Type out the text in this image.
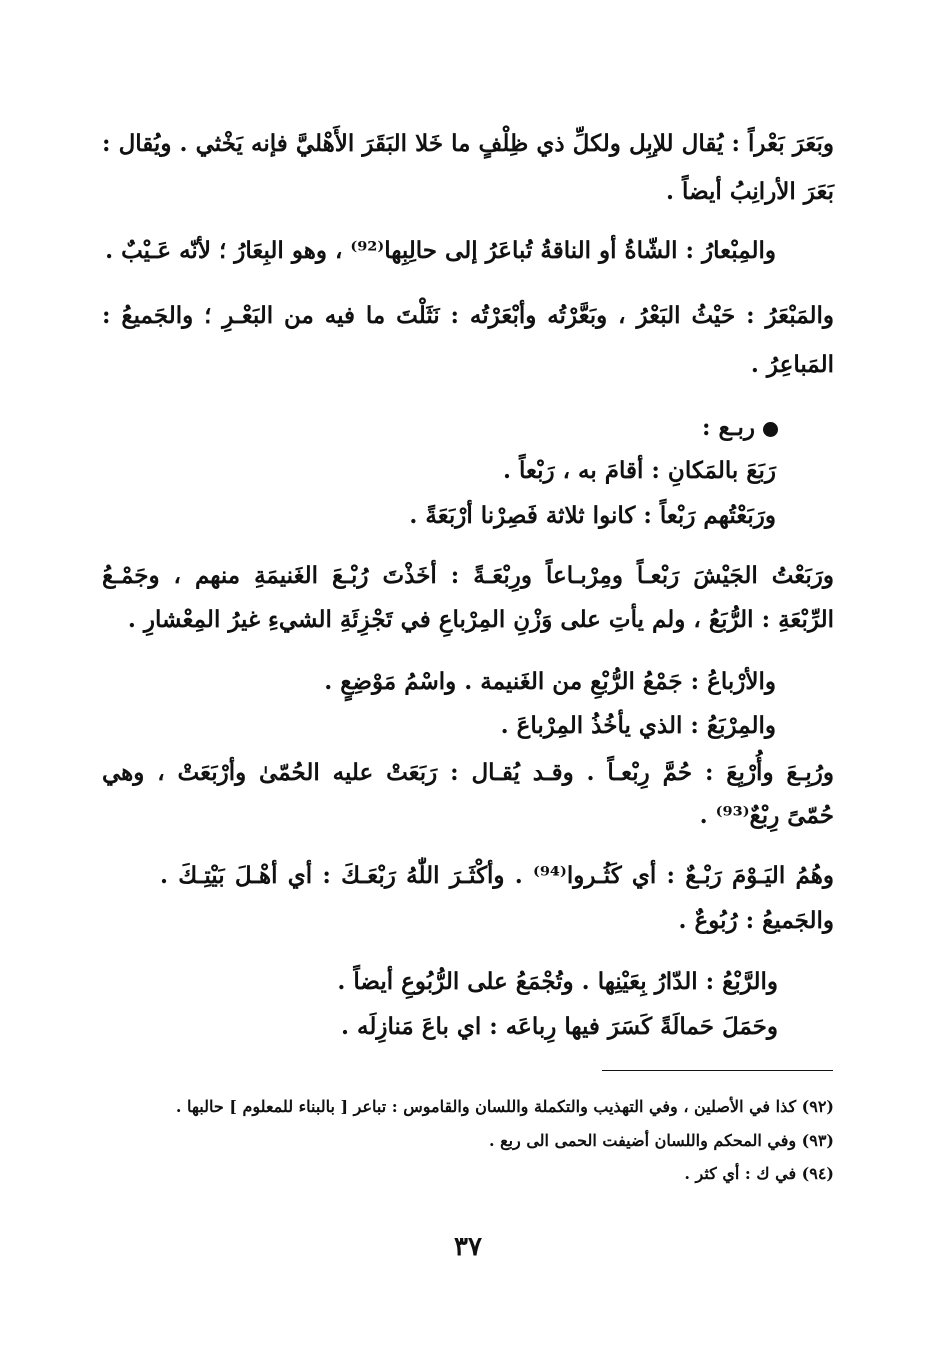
وبَعَرَ بَعْراً : يُقال للإبِل ولكلِّ ذي ظِلْفٍ ما خَلا البَقَرَ الأَهْليَّ فإنه يَخْثي . ويُقال :
بَعَرَ الأرانِبُ أيضاً .
والمِبْعارُ : الشّاةُ أو الناقةُ تُباعَرُ إلى حالِبِها⁽⁹²⁾ ، وهو البِعَارُ ؛ لأنّه عَـيْبٌ .
والمَبْعَرُ : حَيْثُ البَعْرُ ، وبَعَّرْتُه وأبْعَرْتُه : نَثَلْتَ ما فيه من البَعْـرِ ؛ والجَميعُ :
المَباعِرُ .
ربـع :
رَبَعَ بالمَكانِ : أقامَ به ، رَبْعاً .
ورَبَعْتُهم رَبْعاً : كانوا ثلاثة فَصِرْنا أرْبَعَةً .
ورَبَعْتُ الجَيْشَ رَبْعـاً ومِرْبـاعاً ورِبْعَـةً : أخَذْتَ رُبْـعَ الغَنيمَةِ منهم ، وجَمْـعُ
الرِّبْعَةِ : الرُّبَعُ ، ولم يأتِ على وَزْنِ المِرْباعِ في تَجْزِئَةِ الشيءِ غيرُ المِعْشارِ .
والأرْباعُ : جَمْعُ الرُّبْعِ من الغَنيمة . واسْمُ مَوْضِعٍ .
والمِرْبَعُ : الذي يأخُذُ المِرْباعَ .
ورُبِـعَ وأُرْبِعَ : حُمَّ رِبْعـاً . وقـد يُقـال : رَبَعَتْ عليه الحُمّىٰ وأرْبَعَتْ ، وهي
حُمّىً رِبْعٌ⁽⁹³⁾ .
وهُمُ اليَـوْمَ رَبْـعٌ : أي كَثُـروا⁽⁹⁴⁾ . وأكْثَـرَ اللّٰهُ رَبْعَـكَ : أي أهْـلَ بَيْتِـكَ .
والجَميعُ : رُبُوعٌ .
والرَّبْعُ : الدّارُ بِعَيْنِها . وتُجْمَعُ على الرُّبُوعِ أيضاً .
وحَمَلَ حَمالَةً كَسَرَ فيها رِباعَه : اي باعَ مَنازِلَه .
(٩٢) كذا في الأصلين ، وفي التهذيب والتكملة واللسان والقاموس : تباعر [ بالبناء للمعلوم ] حالبها .
(٩٣) وفي المحكم واللسان أضيفت الحمى الى ربع .
(٩٤) في ك : أي كثر .
٣٧
